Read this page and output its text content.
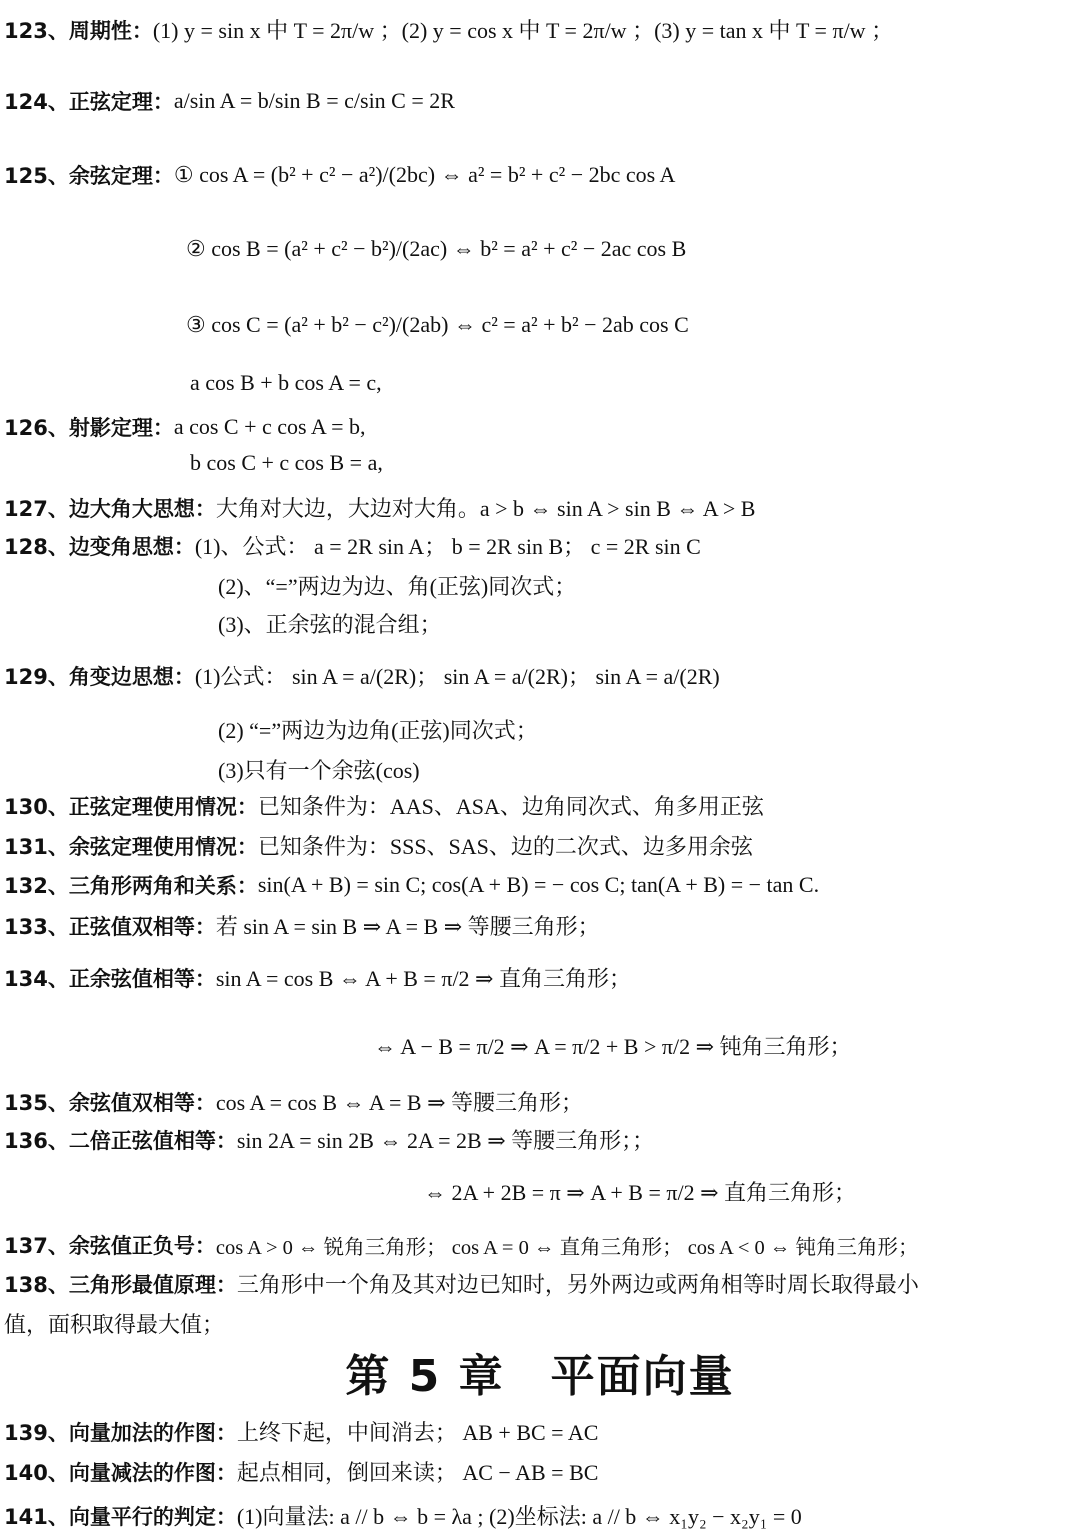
123、 周期性： (1) y = sin x 中 T = 2π/w ；(2) y = cos x 中 T = 2π/w ；(3) y = tan x 中 T = π/w ；
124、 正弦定理： a/sin A = b/sin B = c/sin C = 2R
125、 余弦定理： ① cos A = (b² + c² − a²)/(2bc) ⇔ a² = b² + c² − 2bc cos A
② cos B = (a² + c² − b²)/(2ac) ⇔ b² = a² + c² − 2ac cos B
③ cos C = (a² + b² − c²)/(2ab) ⇔ c² = a² + b² − 2ab cos C
a cos B + b cos A = c,
126、 射影定理： a cos C + c cos A = b,
b cos C + c cos B = a,
127、 边大角大思想： 大角对大边，大边对大角。a > b ⇔ sin A > sin B ⇔ A > B
128、 边变角思想： (1)、公式： a = 2R sin A； b = 2R sin B； c = 2R sin C
(2)、“=”两边为边、角(正弦)同次式；
(3)、正余弦的混合组；
129、 角变边思想： (1)公式： sin A = a/(2R)； sin A = a/(2R)； sin A = a/(2R)
(2) “=”两边为边角(正弦)同次式；
(3)只有一个余弦(cos)
130、 正弦定理使用情况： 已知条件为：AAS、ASA、边角同次式、角多用正弦
131、 余弦定理使用情况： 已知条件为：SSS、SAS、边的二次式、边多用余弦
132、 三角形两角和关系： sin(A + B) = sin C; cos(A + B) = − cos C; tan(A + B) = − tan C.
133、 正弦值双相等： 若 sin A = sin B ⇒ A = B ⇒ 等腰三角形；
134、 正余弦值相等： sin A = cos B ⇔ A + B = π/2 ⇒ 直角三角形；
⇔ A − B = π/2 ⇒ A = π/2 + B > π/2 ⇒ 钝角三角形；
135、 余弦值双相等： cos A = cos B ⇔ A = B ⇒ 等腰三角形；
136、 二倍正弦值相等： sin 2A = sin 2B ⇔ 2A = 2B ⇒ 等腰三角形；；
⇔ 2A + 2B = π ⇒ A + B = π/2 ⇒ 直角三角形；
137、 余弦值正负号： cos A > 0 ⇔ 锐角三角形； cos A = 0 ⇔ 直角三角形； cos A < 0 ⇔ 钝角三角形；
138、 三角形最值原理： 三角形中一个角及其对边已知时，另外两边或两角相等时周长取得最小
值，面积取得最大值；
第 5 章　平面向量
139、 向量加法的作图： 上终下起，中间消去； AB + BC = AC
140、 向量减法的作图： 起点相同，倒回来读； AC − AB = BC
141、 向量平行的判定： (1)向量法: a // b ⇔ b = λa ; (2)坐标法: a // b ⇔ x₁y₂ − x₂y₁ = 0
